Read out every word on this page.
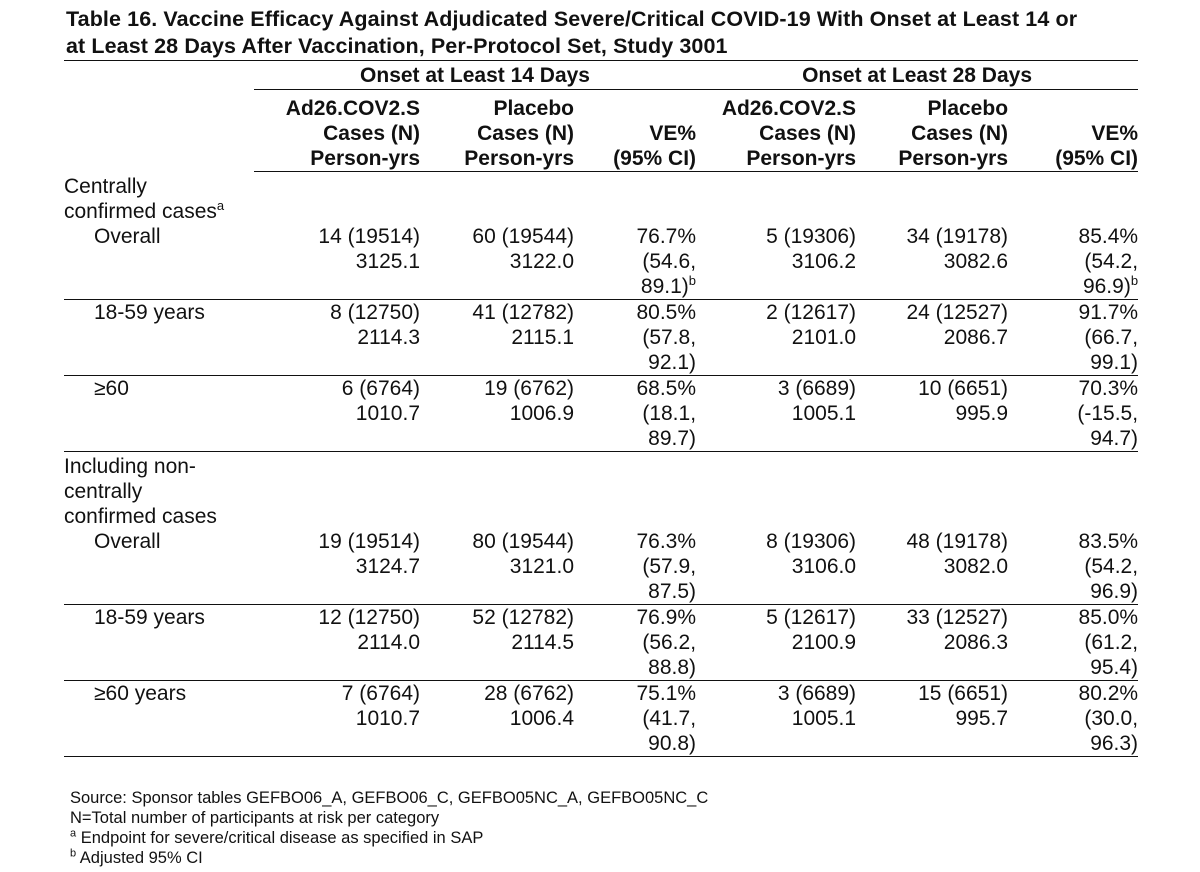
Table 16. Vaccine Efficacy Against Adjudicated Severe/Critical COVID-19 With Onset at Least 14 or
at Least 28 Days After Vaccination, Per-Protocol Set, Study 3001
	Onset at Least 14 Days			Onset at Least 28 Days		

	Ad26.COV2.S
Cases (N)
Person-yrs	Placebo
Cases (N)
Person-yrs	VE%
(95% CI)	Ad26.COV2.S
Cases (N)
Person-yrs	Placebo
Cases (N)
Person-yrs	VE%
(95% CI)

Centrally
confirmed cases$^a$

Overall	14 (19514)
3125.1	60 (19544)
3122.0	76.7%
(54.6,
89.1)$^b$	5 (19306)
3106.2	34 (19178)
3082.6	85.4%
(54.2,
96.9)$^b$

18-59 years	8 (12750)
2114.3	41 (12782)
2115.1	80.5%
(57.8,
92.1)	2 (12617)
2101.0	24 (12527)
2086.7	91.7%
(66.7,
99.1)

≥60	6 (6764)
1010.7	19 (6762)
1006.9	68.5%
(18.1,
89.7)	3 (6689)
1005.1	10 (6651)
995.9	70.3%
(-15.5,
94.7)

Including non-
centrally
confirmed cases						

Overall	19 (19514)
3124.7	80 (19544)
3121.0	76.3%
(57.9,
87.5)	8 (19306)
3106.0	48 (19178)
3082.0	83.5%
(54.2,
96.9)

18-59 years	12 (12750)
2114.0	52 (12782)
2114.5	76.9%
(56.2,
88.8)	5 (12617)
2100.9	33 (12527)
2086.3	85.0%
(61.2,
95.4)

≥60 years	7 (6764)
1010.7	28 (6762)
1006.4	75.1%
(41.7,
90.8)	3 (6689)
1005.1	15 (6651)
995.7	80.2%
(30.0,
96.3)
Source: Sponsor tables GEFBO06_A, GEFBO06_C, GEFBO05NC_A, GEFBO05NC_C
N=Total number of participants at risk per category
$^a$ Endpoint for severe/critical disease as specified in SAP
$^b$ Adjusted 95% CI
